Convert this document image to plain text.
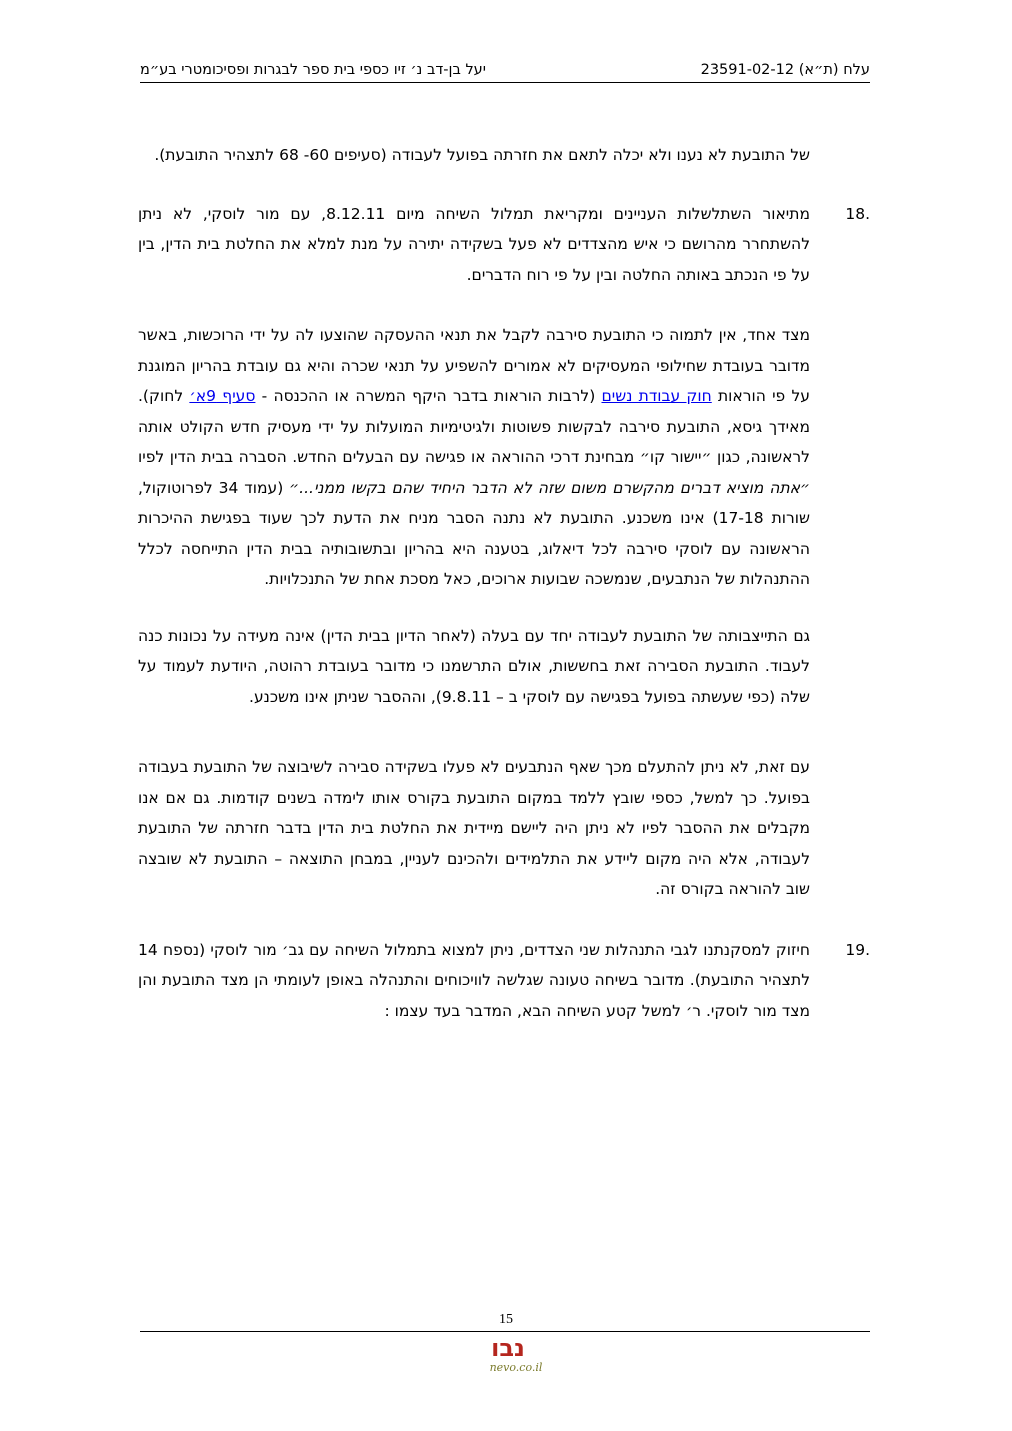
עלח (ת״א) 23591-02-12
יעל בן-דב נ׳ זיו כספי בית ספר לבגרות ופסיכומטרי בע״מ

של התובעת לא נענו ולא יכלה לתאם את חזרתה בפועל לעבודה (סעיפים 60- 68 לתצהיר התובעת).

18.

מתיאור השתלשלות העניינים ומקריאת תמלול השיחה מיום 8.12.11, עם מור לוסקי, לא ניתן להשתחרר מהרושם כי איש מהצדדים לא פעל בשקידה יתירה על מנת למלא את החלטת בית הדין, בין על פי הנכתב באותה החלטה ובין על פי רוח הדברים.

מצד אחד, אין לתמוה כי התובעת סירבה לקבל את תנאי ההעסקה שהוצעו לה על ידי הרוכשות, באשר מדובר בעובדת שחילופי המעסיקים לא אמורים להשפיע על תנאי שכרה והיא גם עובדת בהריון המוגנת על פי הוראות חוק עבודת נשים (לרבות הוראות בדבר היקף המשרה או ההכנסה - סעיף 9א׳ לחוק). מאידך גיסא, התובעת סירבה לבקשות פשוטות ולגיטימיות המועלות על ידי מעסיק חדש הקולט אותה לראשונה, כגון ״יישור קו״ מבחינת דרכי ההוראה או פגישה עם הבעלים החדש. הסברה בבית הדין לפיו ״אתה מוציא דברים מהקשרם משום שזה לא הדבר היחיד שהם בקשו ממני...״ (עמוד 34 לפרוטוקול, שורות 17-18) אינו משכנע. התובעת לא נתנה הסבר מניח את הדעת לכך שעוד בפגישת ההיכרות הראשונה עם לוסקי סירבה לכל דיאלוג, בטענה היא בהריון ובתשובותיה בבית הדין התייחסה לכלל ההתנהלות של הנתבעים, שנמשכה שבועות ארוכים, כאל מסכת אחת של התנכלויות.

גם התייצבותה של התובעת לעבודה יחד עם בעלה (לאחר הדיון בבית הדין) אינה מעידה על נכונות כנה לעבוד. התובעת הסבירה זאת בחששות, אולם התרשמנו כי מדובר בעובדת רהוטה, היודעת לעמוד על שלה (כפי שעשתה בפועל בפגישה עם לוסקי ב – 9.8.11), וההסבר שניתן אינו משכנע.

עם זאת, לא ניתן להתעלם מכך שאף הנתבעים לא פעלו בשקידה סבירה לשיבוצה של התובעת בעבודה בפועל. כך למשל, כספי שובץ ללמד במקום התובעת בקורס אותו לימדה בשנים קודמות. גם אם אנו מקבלים את ההסבר לפיו לא ניתן היה ליישם מיידית את החלטת בית הדין בדבר חזרתה של התובעת לעבודה, אלא היה מקום ליידע את התלמידים ולהכינם לעניין, במבחן התוצאה – התובעת לא שובצה שוב להוראה בקורס זה.

19.

חיזוק למסקנתנו לגבי התנהלות שני הצדדים, ניתן למצוא בתמלול השיחה עם גב׳ מור לוסקי (נספח 14 לתצהיר התובעת). מדובר בשיחה טעונה שגלשה לוויכוחים והתנהלה באופן לעומתי הן מצד התובעת והן מצד מור לוסקי. ר׳ למשל קטע השיחה הבא, המדבר בעד עצמו :

15
נבו
nevo.co.il
